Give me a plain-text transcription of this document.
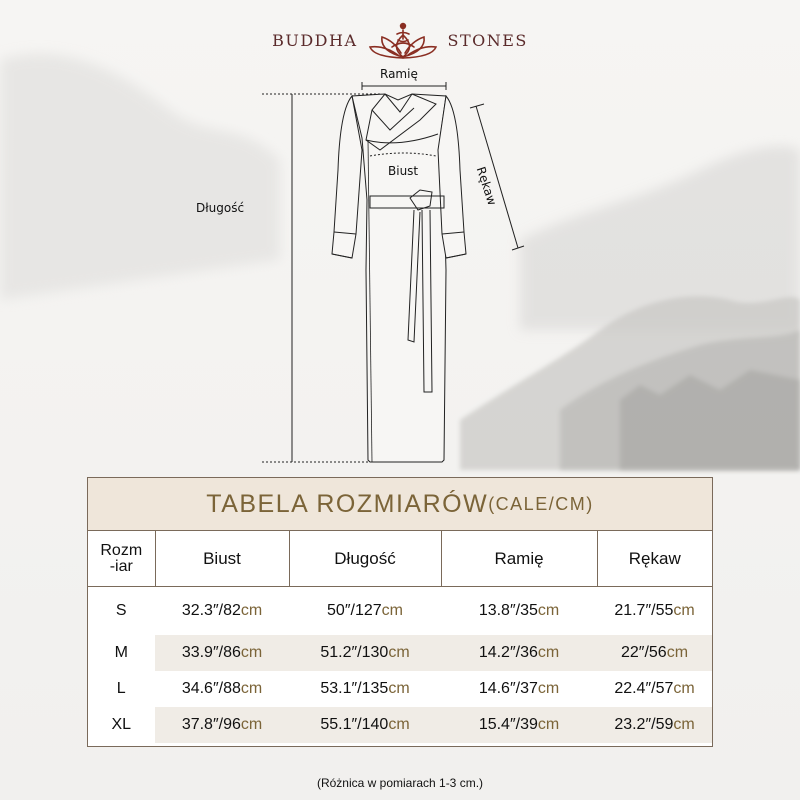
BUDDHA	STONES
Ramię
Biust
Długość
Rękaw
TABELA ROZMIARÓW (CALE/CM)
Rozm
-iar	Biust	Długość	Ramię	Rękaw
S	32.3″/82cm	50″/127cm	13.8″/35cm	21.7″/55cm
M	33.9″/86cm	51.2″/130cm	14.2″/36cm	22″/56cm
L	34.6″/88cm	53.1″/135cm	14.6″/37cm	22.4″/57cm
XL	37.8″/96cm	55.1″/140cm	15.4″/39cm	23.2″/59cm
(Różnica w pomiarach 1-3 cm.)
